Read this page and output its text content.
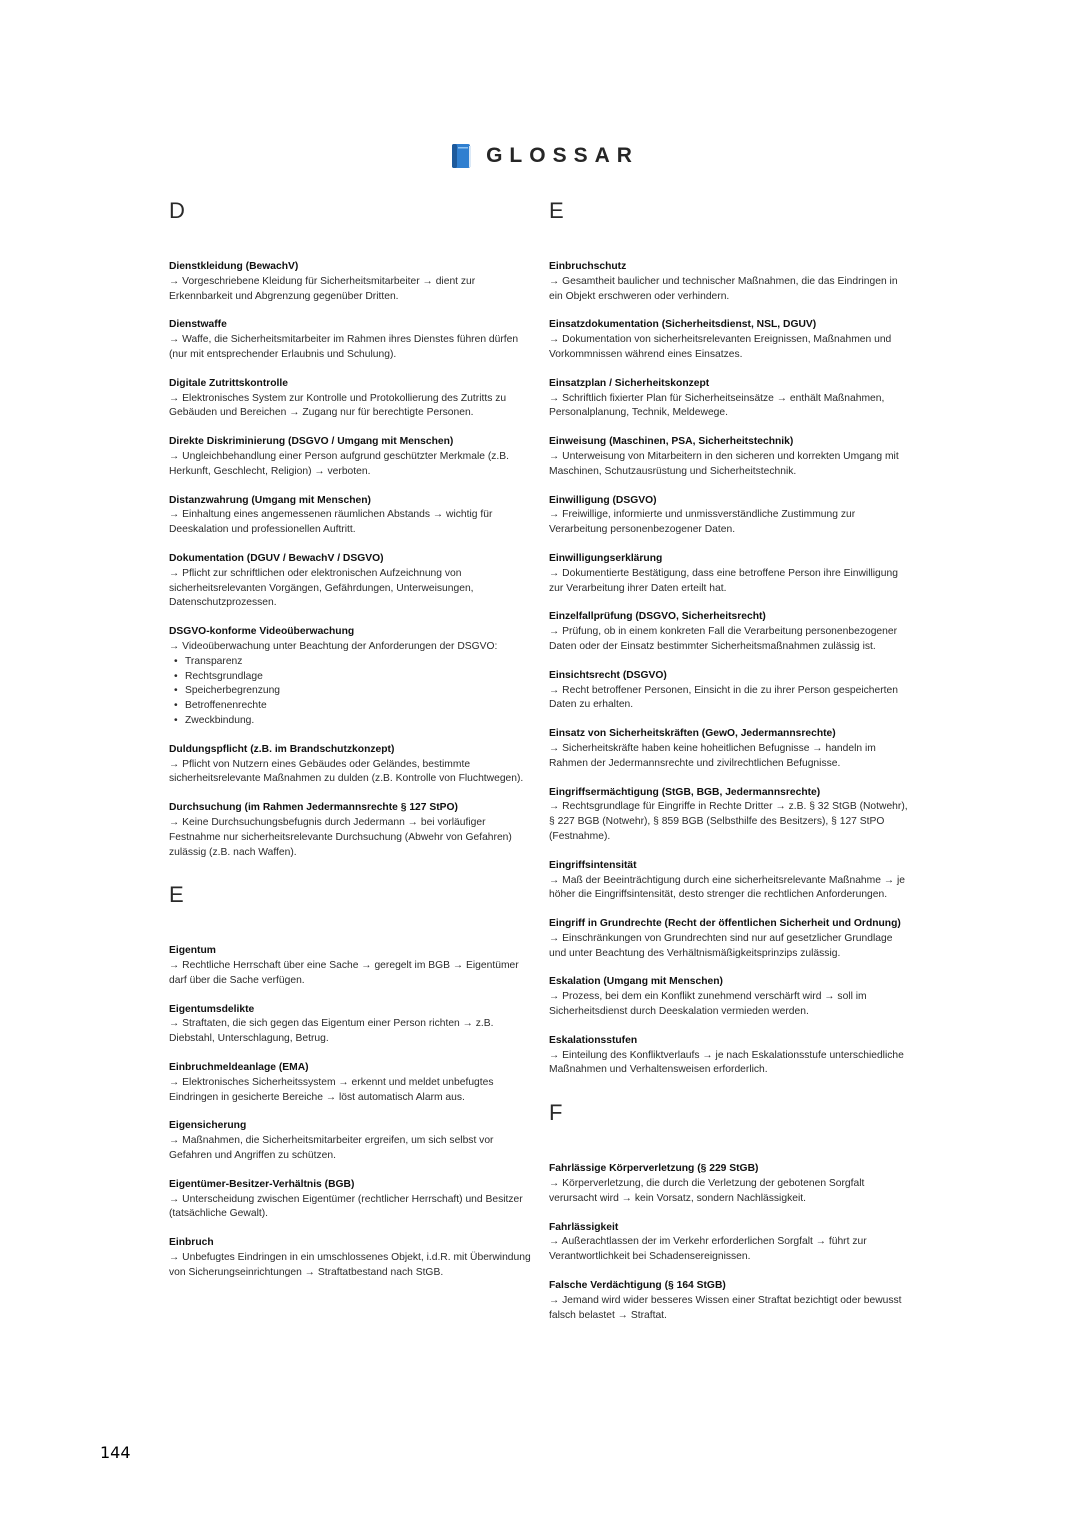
GLOSSAR
D
Dienstkleidung (BewachV)
→ Vorgeschriebene Kleidung für Sicherheitsmitarbeiter → dient zur Erkennbarkeit und Abgrenzung gegenüber Dritten.
Dienstwaffe
→ Waffe, die Sicherheitsmitarbeiter im Rahmen ihres Dienstes führen dürfen (nur mit entsprechender Erlaubnis und Schulung).
Digitale Zutrittskontrolle
→ Elektronisches System zur Kontrolle und Protokollierung des Zutritts zu Gebäuden und Bereichen → Zugang nur für berechtigte Personen.
Direkte Diskriminierung (DSGVO / Umgang mit Menschen)
→ Ungleichbehandlung einer Person aufgrund geschützter Merkmale (z.B. Herkunft, Geschlecht, Religion) → verboten.
Distanzwahrung (Umgang mit Menschen)
→ Einhaltung eines angemessenen räumlichen Abstands → wichtig für Deeskalation und professionellen Auftritt.
Dokumentation (DGUV / BewachV / DSGVO)
→ Pflicht zur schriftlichen oder elektronischen Aufzeichnung von sicherheitsrelevanten Vorgängen, Gefährdungen, Unterweisungen, Datenschutzprozessen.
DSGVO-konforme Videoüberwachung
→ Videoüberwachung unter Beachtung der Anforderungen der DSGVO:
• Transparenz
• Rechtsgrundlage
• Speicherbegrenzung
• Betroffenenrechte
• Zweckbindung.
Duldungspflicht (z.B. im Brandschutzkonzept)
→ Pflicht von Nutzern eines Gebäudes oder Geländes, bestimmte sicherheitsrelevante Maßnahmen zu dulden (z.B. Kontrolle von Fluchtwegen).
Durchsuchung (im Rahmen Jedermannsrechte § 127 StPO)
→ Keine Durchsuchungsbefugnis durch Jedermann → bei vorläufiger Festnahme nur sicherheitsrelevante Durchsuchung (Abwehr von Gefahren) zulässig (z.B. nach Waffen).
E
Eigentum
→ Rechtliche Herrschaft über eine Sache → geregelt im BGB → Eigentümer darf über die Sache verfügen.
Eigentumsdelikte
→ Straftaten, die sich gegen das Eigentum einer Person richten → z.B. Diebstahl, Unterschlagung, Betrug.
Einbruchmeldeanlage (EMA)
→ Elektronisches Sicherheitssystem → erkennt und meldet unbefugtes Eindringen in gesicherte Bereiche → löst automatisch Alarm aus.
Eigensicherung
→ Maßnahmen, die Sicherheitsmitarbeiter ergreifen, um sich selbst vor Gefahren und Angriffen zu schützen.
Eigentümer-Besitzer-Verhältnis (BGB)
→ Unterscheidung zwischen Eigentümer (rechtlicher Herrschaft) und Besitzer (tatsächliche Gewalt).
Einbruch
→ Unbefugtes Eindringen in ein umschlossenes Objekt, i.d.R. mit Überwindung von Sicherungseinrichtungen → Straftatbestand nach StGB.
E
Einbruchschutz
→ Gesamtheit baulicher und technischer Maßnahmen, die das Eindringen in ein Objekt erschweren oder verhindern.
Einsatzdokumentation (Sicherheitsdienst, NSL, DGUV)
→ Dokumentation von sicherheitsrelevanten Ereignissen, Maßnahmen und Vorkommnissen während eines Einsatzes.
Einsatzplan / Sicherheitskonzept
→ Schriftlich fixierter Plan für Sicherheitseinsätze → enthält Maßnahmen, Personalplanung, Technik, Meldewege.
Einweisung (Maschinen, PSA, Sicherheitstechnik)
→ Unterweisung von Mitarbeitern in den sicheren und korrekten Umgang mit Maschinen, Schutzausrüstung und Sicherheitstechnik.
Einwilligung (DSGVO)
→ Freiwillige, informierte und unmissverständliche Zustimmung zur Verarbeitung personenbezogener Daten.
Einwilligungserklärung
→ Dokumentierte Bestätigung, dass eine betroffene Person ihre Einwilligung zur Verarbeitung ihrer Daten erteilt hat.
Einzelfallprüfung (DSGVO, Sicherheitsrecht)
→ Prüfung, ob in einem konkreten Fall die Verarbeitung personenbezogener Daten oder der Einsatz bestimmter Sicherheitsmaßnahmen zulässig ist.
Einsichtsrecht (DSGVO)
→ Recht betroffener Personen, Einsicht in die zu ihrer Person gespeicherten Daten zu erhalten.
Einsatz von Sicherheitskräften (GewO, Jedermannsrechte)
→ Sicherheitskräfte haben keine hoheitlichen Befugnisse → handeln im Rahmen der Jedermannsrechte und zivilrechtlichen Befugnisse.
Eingriffsermächtigung (StGB, BGB, Jedermannsrechte)
→ Rechtsgrundlage für Eingriffe in Rechte Dritter → z.B. § 32 StGB (Notwehr), § 227 BGB (Notwehr), § 859 BGB (Selbsthilfe des Besitzers), § 127 StPO (Festnahme).
Eingriffsintensität
→ Maß der Beeinträchtigung durch eine sicherheitsrelevante Maßnahme → je höher die Eingriffsintensität, desto strenger die rechtlichen Anforderungen.
Eingriff in Grundrechte (Recht der öffentlichen Sicherheit und Ordnung)
→ Einschränkungen von Grundrechten sind nur auf gesetzlicher Grundlage und unter Beachtung des Verhältnismäßigkeitsprinzips zulässig.
Eskalation (Umgang mit Menschen)
→ Prozess, bei dem ein Konflikt zunehmend verschärft wird → soll im Sicherheitsdienst durch Deeskalation vermieden werden.
Eskalationsstufen
→ Einteilung des Konfliktverlaufs → je nach Eskalationsstufe unterschiedliche Maßnahmen und Verhaltensweisen erforderlich.
F
Fahrlässige Körperverletzung (§ 229 StGB)
→ Körperverletzung, die durch die Verletzung der gebotenen Sorgfalt verursacht wird → kein Vorsatz, sondern Nachlässigkeit.
Fahrlässigkeit
→ Außerachtlassen der im Verkehr erforderlichen Sorgfalt → führt zur Verantwortlichkeit bei Schadensereignissen.
Falsche Verdächtigung (§ 164 StGB)
→ Jemand wird wider besseres Wissen einer Straftat bezichtigt oder bewusst falsch belastet → Straftat.
144
